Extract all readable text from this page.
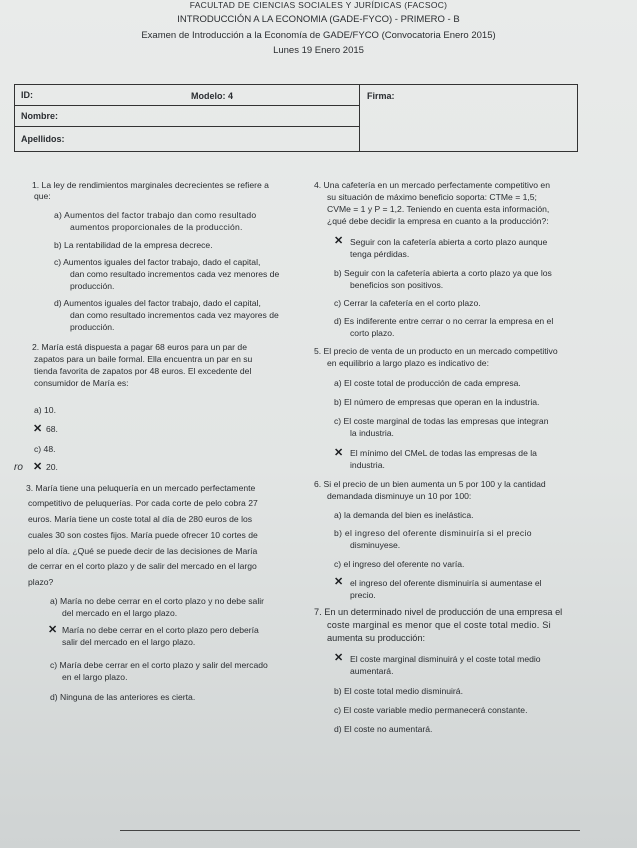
FACULTAD DE CIENCIAS SOCIALES Y JURÍDICAS (FACSOC)
INTRODUCCIÓN A LA ECONOMIA (GADE-FYCO) - PRIMERO - B
Examen de Introducción a la Economía de GADE/FYCO (Convocatoria Enero 2015)
Lunes 19 Enero 2015
ID:	Modelo: 4
Nombre:
Apellidos:
Firma:
1. La ley de rendimientos marginales decrecientes se refiere a
que:
a) Aumentos del factor trabajo dan como resultado
aumentos proporcionales de la producción.
b) La rentabilidad de la empresa decrece.
c) Aumentos iguales del factor trabajo, dado el capital,
dan como resultado incrementos cada vez menores de
producción.
d) Aumentos iguales del factor trabajo, dado el capital,
dan como resultado incrementos cada vez mayores de
producción.
2. María está dispuesta a pagar 68 euros para un par de
zapatos para un baile formal. Ella encuentra un par en su
tienda favorita de zapatos por 48 euros. El excedente del
consumidor de María es:
a) 10.
✕ 68.
c) 48.
ro ✕ 20.
3. María tiene una peluquería en un mercado perfectamente
competitivo de peluquerías. Por cada corte de pelo cobra 27
euros. María tiene un coste total al día de 280 euros de los
cuales 30 son costes fijos. María puede ofrecer 10 cortes de
pelo al día. ¿Qué se puede decir de las decisiones de María
de cerrar en el corto plazo y de salir del mercado en el largo
plazo?
a) María no debe cerrar en el corto plazo y no debe salir
del mercado en el largo plazo.
✕ María no debe cerrar en el corto plazo pero debería
salir del mercado en el largo plazo.
c) María debe cerrar en el corto plazo y salir del mercado
en el largo plazo.
d) Ninguna de las anteriores es cierta.
4. Una cafetería en un mercado perfectamente competitivo en
su situación de máximo beneficio soporta: CTMe = 1,5;
CVMe = 1 y P = 1,2. Teniendo en cuenta esta información,
¿qué debe decidir la empresa en cuanto a la producción?:
✕ Seguir con la cafetería abierta a corto plazo aunque
tenga pérdidas.
b) Seguir con la cafetería abierta a corto plazo ya que los
beneficios son positivos.
c) Cerrar la cafetería en el corto plazo.
d) Es indiferente entre cerrar o no cerrar la empresa en el
corto plazo.
5. El precio de venta de un producto en un mercado competitivo
en equilibrio a largo plazo es indicativo de:
a) El coste total de producción de cada empresa.
b) El número de empresas que operan en la industria.
c) El coste marginal de todas las empresas que integran
la industria.
✕ El mínimo del CMeL de todas las empresas de la
industria.
6. Si el precio de un bien aumenta un 5 por 100 y la cantidad
demandada disminuye un 10 por 100:
a) la demanda del bien es inelástica.
b) el ingreso del oferente disminuiría si el precio
disminuyese.
c) el ingreso del oferente no varía.
✕ el ingreso del oferente disminuiría si aumentase el
precio.
7. En un determinado nivel de producción de una empresa el
coste marginal es menor que el coste total medio. Si
aumenta su producción:
✕ El coste marginal disminuirá y el coste total medio
aumentará.
b) El coste total medio disminuirá.
c) El coste variable medio permanecerá constante.
d) El coste no aumentará.
